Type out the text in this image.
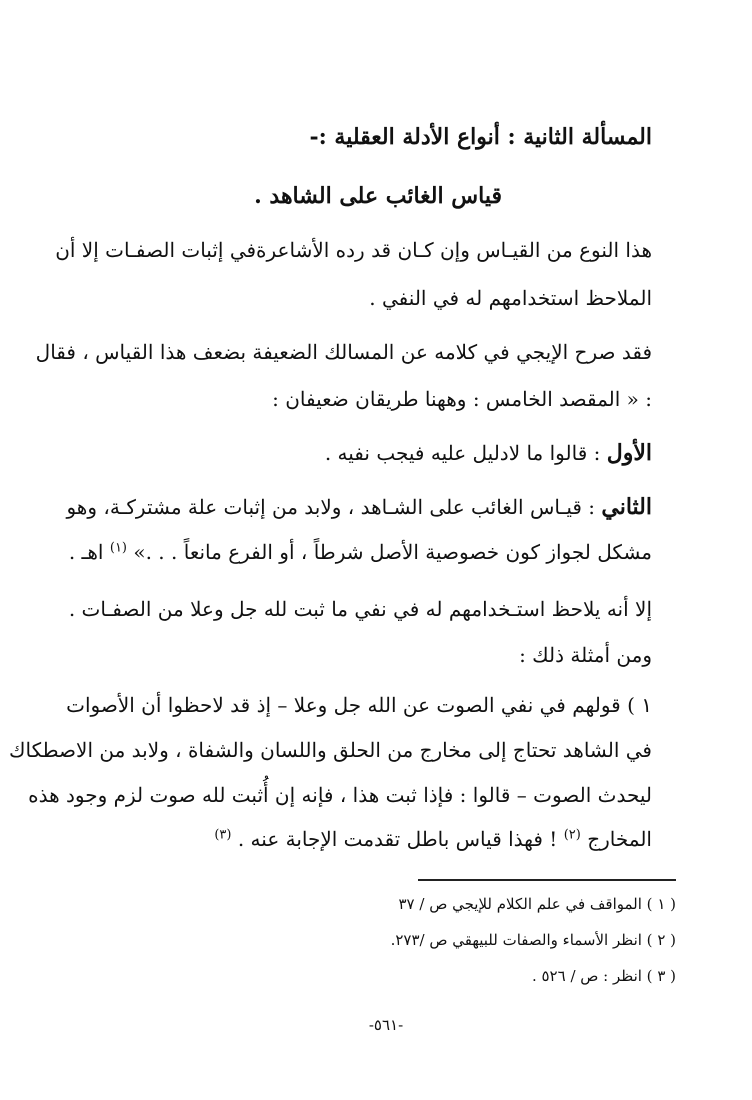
المسألة الثانية : أنواع الأدلة العقلية :-
قياس الغائب على الشاهد .
هذا النوع من القيـاس وإن كـان قد رده الأشاعرةفي إثبات الصفـات إلا أن
الملاحظ استخدامهم له في النفي .
فقد صرح الإيجي في كلامه عن المسالك الضعيفة بضعف هذا القياس ، فقال
: « المقصد الخامس : وههنا طريقان ضعيفان :
الأول : قالوا ما لادليل عليه فيجب نفيه .
الثاني : قيـاس الغائب على الشـاهد ، ولابد من إثبات علة مشتركـة، وهو
مشكل لجواز كون خصوصية الأصل شرطاً ، أو الفرع مانعاً . . .» $^{(١)}$ اهـ .
إلا أنه يلاحظ استـخدامهم له في نفي ما ثبت لله جل وعلا من الصفـات .
ومن أمثلة ذلك :
١ ) قولهم في نفي الصوت عن الله جل وعلا – إذ قد لاحظوا أن الأصوات
في الشاهد تحتاج إلى مخارج من الحلق واللسان والشفاة ، ولابد من الاصطكاك
ليحدث الصوت – قالوا : فإذا ثبت هذا ، فإنه إن أُثبت لله صوت لزم وجود هذه
المخارج $^{(٢)}$ ! فهذا قياس باطل تقدمت الإجابة عنه . $^{(٣)}$
( ١ ) المواقف في علم الكلام للإيجي ص / ٣٧
( ٢ ) انظر الأسماء والصفات للبيهقي ص /٢٧٣.
( ٣ ) انظر : ص / ٥٢٦ .
-٥٦١-
